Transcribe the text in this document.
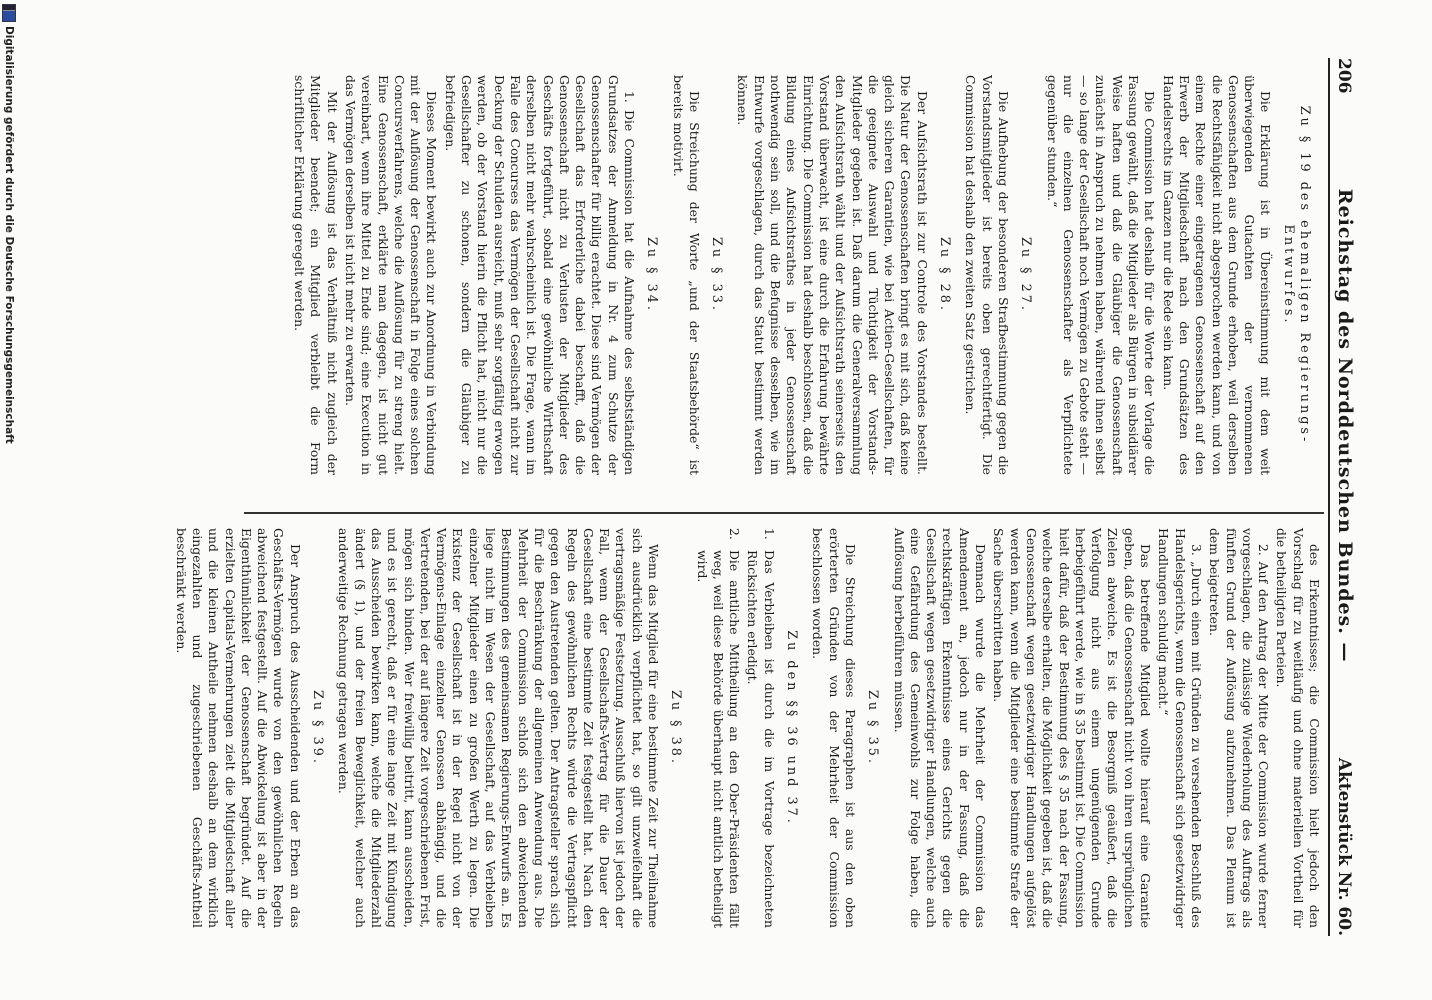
206
Reichstag des Norddeutschen Bundes. —
Aktenstück Nr. 60.

Zu § 19 des ehemaligen Regierungs-Entwurfes.

Die Erklärung ist in Übereinstimmung mit dem weit überwiegenden Gutachten der vernommenen Genossenschaften aus dem Grunde erhoben, weil derselben die Rechtsfähigkeit nicht abgesprochen werden kann, und von einem Rechte einer eingetragenen Genossenschaft auf den Erwerb der Mitgliedschaft nach den Grundsätzen des Handelsrechts im Ganzen nur die Rede sein kann.

Die Commission hat deshalb für die Worte der Vorlage die Fassung gewählt, daß die Mitglieder als Bürgen in subsidiärer Weise haften und daß die Gläubiger die Genossenschaft zunächst in Anspruch zu nehmen haben, während ihnen selbst — so lange der Gesellschaft noch Vermögen zu Gebote steht — nur die einzelnen Genossenschafter als Verpflichtete gegenüber stunden.“

Zu § 27.

Die Aufhebung der besonderen Strafbestimmung gegen die Vorstandsmitglieder ist bereits oben gerechtfertigt. Die Commission hat deshalb den zweiten Satz gestrichen.

Zu § 28.

Der Aufsichtsrath ist zur Controle des Vorstandes bestellt. Die Natur der Genossenschaften bringt es mit sich, daß keine gleich sicheren Garantien, wie bei Actien-Gesellschaften, für die geeignete Auswahl und Tüchtigkeit der Vorstands-Mitglieder gegeben ist. Daß darum die Generalversammlung den Aufsichtsrath wählt und der Aufsichtsrath seinerseits den Vorstand überwacht, ist eine durch die Erfahrung bewährte Einrichtung. Die Commission hat deshalb beschlossen, daß die Bildung eines Aufsichtsrathes in jeder Genossenschaft nothwendig sein soll, und die Befugnisse desselben, wie im Entwurfe vorgeschlagen, durch das Statut bestimmt werden können.

Zu § 33.

Die Streichung der Worte „und der Staatsbehörde“ ist bereits motivirt.

Zu § 34.

1. Die Commission hat die Aufnahme des selbstständigen Grundsatzes der Anmeldung in Nr. 4 zum Schutze der Genossenschafter für billig erachtet. Diese sind Vermögen der Gesellschaft das Erforderliche dabei beschafft, daß die Genossenschaft nicht zu Verlusten der Mitglieder des Geschäfts fortgeführt, sobald eine gewöhnliche Wirthschaft derselben nicht mehr wahrscheinlich ist. Die Frage, wann im Falle des Concurses das Vermögen der Gesellschaft nicht zur Deckung der Schulden ausreicht, muß sehr sorgfältig erwogen werden, ob der Vorstand hierin die Pflicht hat, nicht nur die Gesellschafter zu schonen, sondern die Gläubiger zu befriedigen.

Dieses Moment bewirkt auch zur Anordnung in Verbindung mit der Auflösung der Genossenschaft in Folge eines solchen Concursverfahrens, welche die Auflösung für zu streng hielt. Eine Genossenschaft, erklärte man dagegen, ist nicht gut vereinbart, wenn ihre Mittel zu Ende sind; eine Execution in das Vermögen derselben ist nicht mehr zu erwarten.

Mit der Auflösung ist das Verhältniß nicht zugleich der Mitglieder beendet; ein Mitglied verbleibt die Form schriftlicher Erklärung geregelt werden.

des Erkenntnisses; die Commission hielt jedoch den Vorschlag für zu weitläufig und ohne materiellen Vortheil für die betheiligten Parteien.

2. Auf den Antrag der Mitte der Commission wurde ferner vorgeschlagen, die zulässige Wiederholung des Auftrags als fünften Grund der Auflösung aufzunehmen. Das Plenum ist dem beigetreten.

3. „Durch einen mit Gründen zu versehenden Beschluß des Handelsgerichts, wenn die Genossenschaft sich gesetzwidriger Handlungen schuldig macht.“

Das betreffende Mitglied wollte hierauf eine Garantie geben, daß die Genossenschaft nicht von ihren ursprünglichen Zielen abweiche. Es ist die Besorgniß geäußert, daß die Verfolgung nicht aus einem ungenügenden Grunde herbeigeführt werde, wie in § 35 bestimmt ist. Die Commission hielt dafür, daß der Bestimmung des § 35 nach der Fassung, welche derselbe erhalten, die Möglichkeit gegeben ist, daß die Genossenschaft wegen gesetzwidriger Handlungen aufgelöst werden kann, wenn die Mitglieder eine bestimmte Strafe der Sache überschritten haben.

Demnach wurde die Mehrheit der Commission das Amendement an, jedoch nur in der Fassung, daß die rechtskräftigen Erkenntnisse eines Gerichts gegen die Gesellschaft wegen gesetzwidriger Handlungen, welche auch eine Gefährdung des Gemeinwohls zur Folge haben, die Auflösung herbeiführen müssen.

Zu § 35.

Die Streichung dieses Paragraphen ist aus den oben erörterten Gründen von der Mehrheit der Commission beschlossen worden.

Zu den §§ 36 und 37.

1.
Das Verbleiben ist durch die im Vortrage bezeichneten Rücksichten erledigt.

2.
Die amtliche Mittheilung an den Ober-Präsidenten fällt weg, weil diese Behörde überhaupt nicht amtlich betheiligt wird.

Zu § 38.

Wenn das Mitglied für eine bestimmte Zeit zur Theilnahme sich ausdrücklich verpflichtet hat, so gilt unzweifelhaft die vertragsmäßige Festsetzung. Ausschluß hiervon ist jedoch der Fall, wenn der Gesellschafts-Vertrag für die Dauer der Gesellschaft eine bestimmte Zeit festgestellt hat. Nach den Regeln des gewöhnlichen Rechts würde die Vertragspflicht gegen den Austretenden gelten. Der Antragsteller sprach sich für die Beschränkung der allgemeinen Anwendung aus. Die Mehrheit der Commission schloß sich den abweichenden Bestimmungen des gemeinsamen Regierungs-Entwurfs an. Es liege nicht im Wesen der Gesellschaft, auf das Verbleiben einzelner Mitglieder einen zu großen Werth zu legen. Die Existenz der Gesellschaft ist in der Regel nicht von der Vermögens-Einlage einzelner Genossen abhängig, und die Vertretenden, bei der auf längere Zeit vorgeschriebenen Frist, mögen sich binden. Wer freiwillig beitritt, kann ausscheiden, und es ist gerecht, daß er für eine lange Zeit mit Kündigung das Ausscheiden bewirken kann, welche die Mitgliederzahl ändert (§ 1), und der freien Beweglichkeit, welcher auch anderweitige Rechnung getragen werden.

Zu § 39.

Der Anspruch des Ausscheidenden und der Erben an das Geschäfts-Vermögen wurde von den gewöhnlichen Regeln abweichend festgestellt. Auf die Abwickelung ist aber in der Eigenthümlichkeit der Genossenschaft begründet. Auf die erzielten Capitals-Vermehrungen zielt die Mitgliedschaft aller und die kleinen Antheile nehmen deshalb an dem wirklich eingezahlten und zugeschriebenen Geschäfts-Antheil beschränkt werden.

Digitalisierung gefördert durch die Deutsche Forschungsgemeinschaft
